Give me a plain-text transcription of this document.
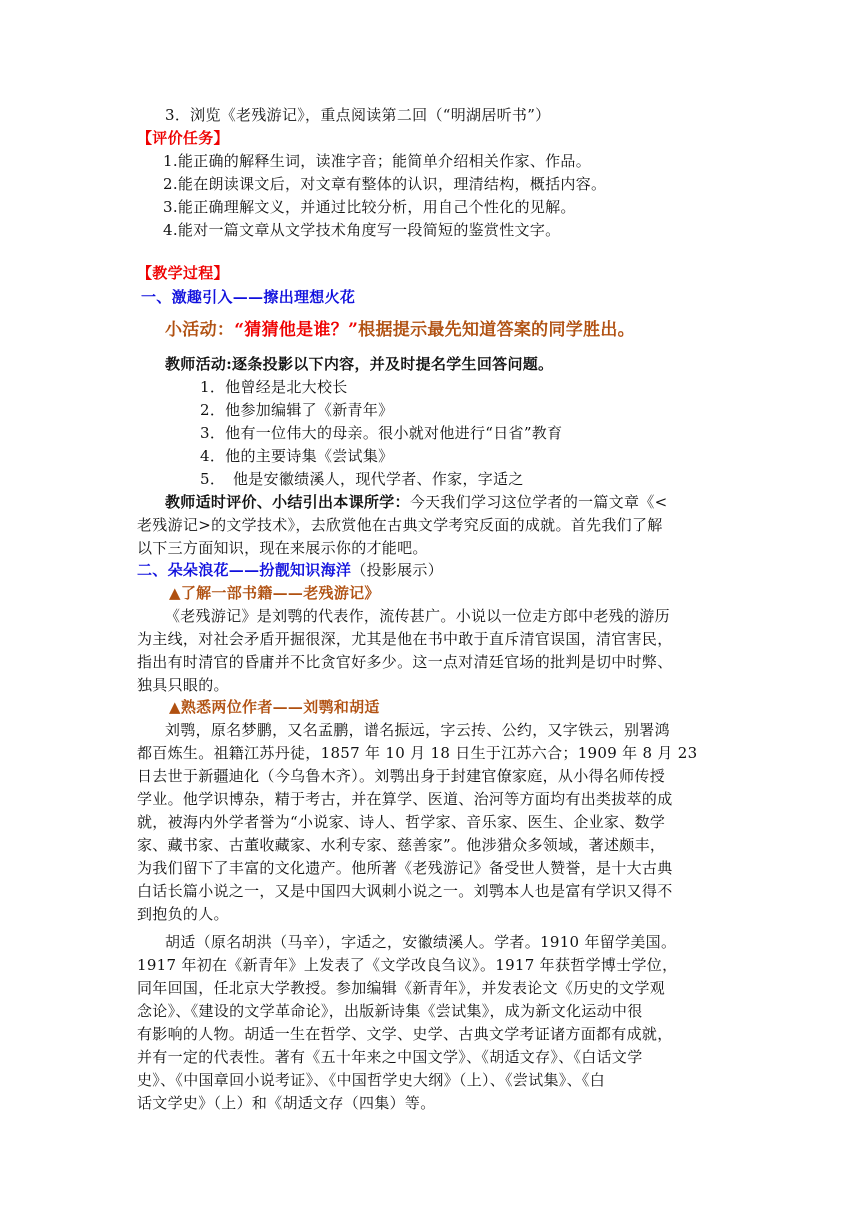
3．浏览《老残游记》，重点阅读第二回（“明湖居听书”）
【评价任务】
1.能正确的解释生词，读准字音；能简单介绍相关作家、作品。
2.能在朗读课文后，对文章有整体的认识，理清结构，概括内容。
3.能正确理解文义，并通过比较分析，用自己个性化的见解。
4.能对一篇文章从文学技术角度写一段简短的鉴赏性文字。
【教学过程】
一、激趣引入——擦出理想火花
小活动：“猜猜他是谁？”根据提示最先知道答案的同学胜出。
教师活动:逐条投影以下内容，并及时提名学生回答问题。
1．他曾经是北大校长
2．他参加编辑了《新青年》
3．他有一位伟大的母亲。很小就对他进行“日省”教育
4．他的主要诗集《尝试集》
5．　他是安徽绩溪人，现代学者、作家，字适之
教师适时评价、小结引出本课所学：今天我们学习这位学者的一篇文章《<
老残游记>的文学技术》，去欣赏他在古典文学考究反面的成就。首先我们了解
以下三方面知识，现在来展示你的才能吧。
二、朵朵浪花——扮靓知识海洋（投影展示）
▲了解一部书籍——老残游记》
《老残游记》是刘鹗的代表作，流传甚广。小说以一位走方郎中老残的游历
为主线，对社会矛盾开掘很深，尤其是他在书中敢于直斥清官误国，清官害民，
指出有时清官的昏庸并不比贪官好多少。这一点对清廷官场的批判是切中时弊、
独具只眼的。
▲熟悉两位作者——刘鹗和胡适
刘鹗，原名梦鹏，又名孟鹏，谱名振远，字云抟、公约，又字铁云，别署鸿
都百炼生。祖籍江苏丹徒，1857 年 10 月 18 日生于江苏六合；1909 年 8 月 23
日去世于新疆迪化（今乌鲁木齐）。刘鹗出身于封建官僚家庭，从小得名师传授
学业。他学识博杂，精于考古，并在算学、医道、治河等方面均有出类拔萃的成
就，被海内外学者誉为“小说家、诗人、哲学家、音乐家、医生、企业家、数学
家、藏书家、古董收藏家、水利专家、慈善家”。他涉猎众多领域，著述颇丰，
为我们留下了丰富的文化遗产。他所著《老残游记》备受世人赞誉，是十大古典
白话长篇小说之一，又是中国四大讽刺小说之一。刘鹗本人也是富有学识又得不
到抱负的人。
胡适（原名胡洪（马辛），字适之，安徽绩溪人。学者。1910 年留学美国。
1917 年初在《新青年》上发表了《文学改良刍议》。1917 年获哲学博士学位，
同年回国，任北京大学教授。参加编辑《新青年》，并发表论文《历史的文学观
念论》、《建设的文学革命论》，出版新诗集《尝试集》，成为新文化运动中很
有影响的人物。胡适一生在哲学、文学、史学、古典文学考证诸方面都有成就，
并有一定的代表性。著有《五十年来之中国文学》、《胡适文存》、《白话文学
史》、《中国章回小说考证》、《中国哲学史大纲》（上）、《尝试集》、《白
话文学史》（上）和《胡适文存（四集）等。
